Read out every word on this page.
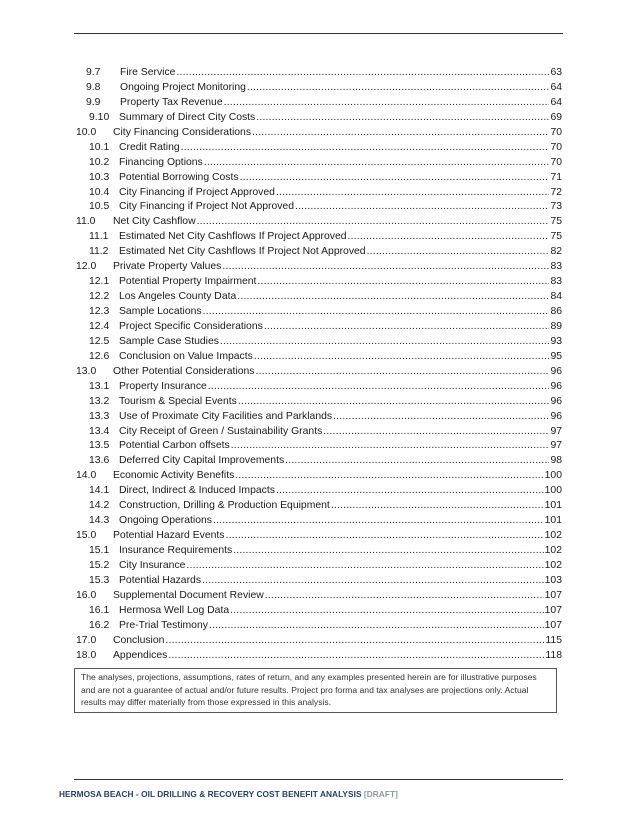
9.7	Fire Service .....	63
9.8	Ongoing Project Monitoring .....	64
9.9	Property Tax Revenue .....	64
9.10 Summary of Direct City Costs .....	69
10.0	City Financing Considerations .....	70
10.1 Credit Rating .....	70
10.2 Financing Options .....	70
10.3 Potential Borrowing Costs .....	71
10.4 City Financing if Project Approved .....	72
10.5 City Financing if Project Not Approved .....	73
11.0	Net City Cashflow .....	75
11.1	Estimated Net City Cashflows If Project Approved .....	75
11.2	Estimated Net City Cashflows If Project Not Approved .....	82
12.0	Private Property Values .....	83
12.1 Potential Property Impairment .....	83
12.2 Los Angeles County Data .....	84
12.3 Sample Locations .....	86
12.4 Project Specific Considerations .....	89
12.5 Sample Case Studies .....	93
12.6 Conclusion on Value Impacts .....	95
13.0	Other Potential Considerations .....	96
13.1 Property Insurance .....	96
13.2 Tourism & Special Events .....	96
13.3 Use of Proximate City Facilities and Parklands .....	96
13.4 City Receipt of Green / Sustainability Grants .....	97
13.5 Potential Carbon offsets .....	97
13.6 Deferred City Capital Improvements .....	98
14.0	Economic Activity Benefits .....	100
14.1 Direct, Indirect & Induced Impacts .....	100
14.2 Construction, Drilling & Production Equipment .....	101
14.3 Ongoing Operations .....	101
15.0	Potential Hazard Events .....	102
15.1 Insurance Requirements .....	102
15.2 City Insurance .....	102
15.3 Potential Hazards .....	103
16.0	Supplemental Document Review .....	107
16.1 Hermosa Well Log Data .....	107
16.2 Pre-Trial Testimony .....	107
17.0	Conclusion .....	115
18.0	Appendices .....	118
The analyses, projections, assumptions, rates of return, and any examples presented herein are for illustrative purposes and are not a guarantee of actual and/or future results. Project pro forma and tax analyses are projections only. Actual results may differ materially from those expressed in this analysis.
HERMOSA BEACH - OIL DRILLING & RECOVERY COST BENEFIT ANALYSIS [DRAFT]
